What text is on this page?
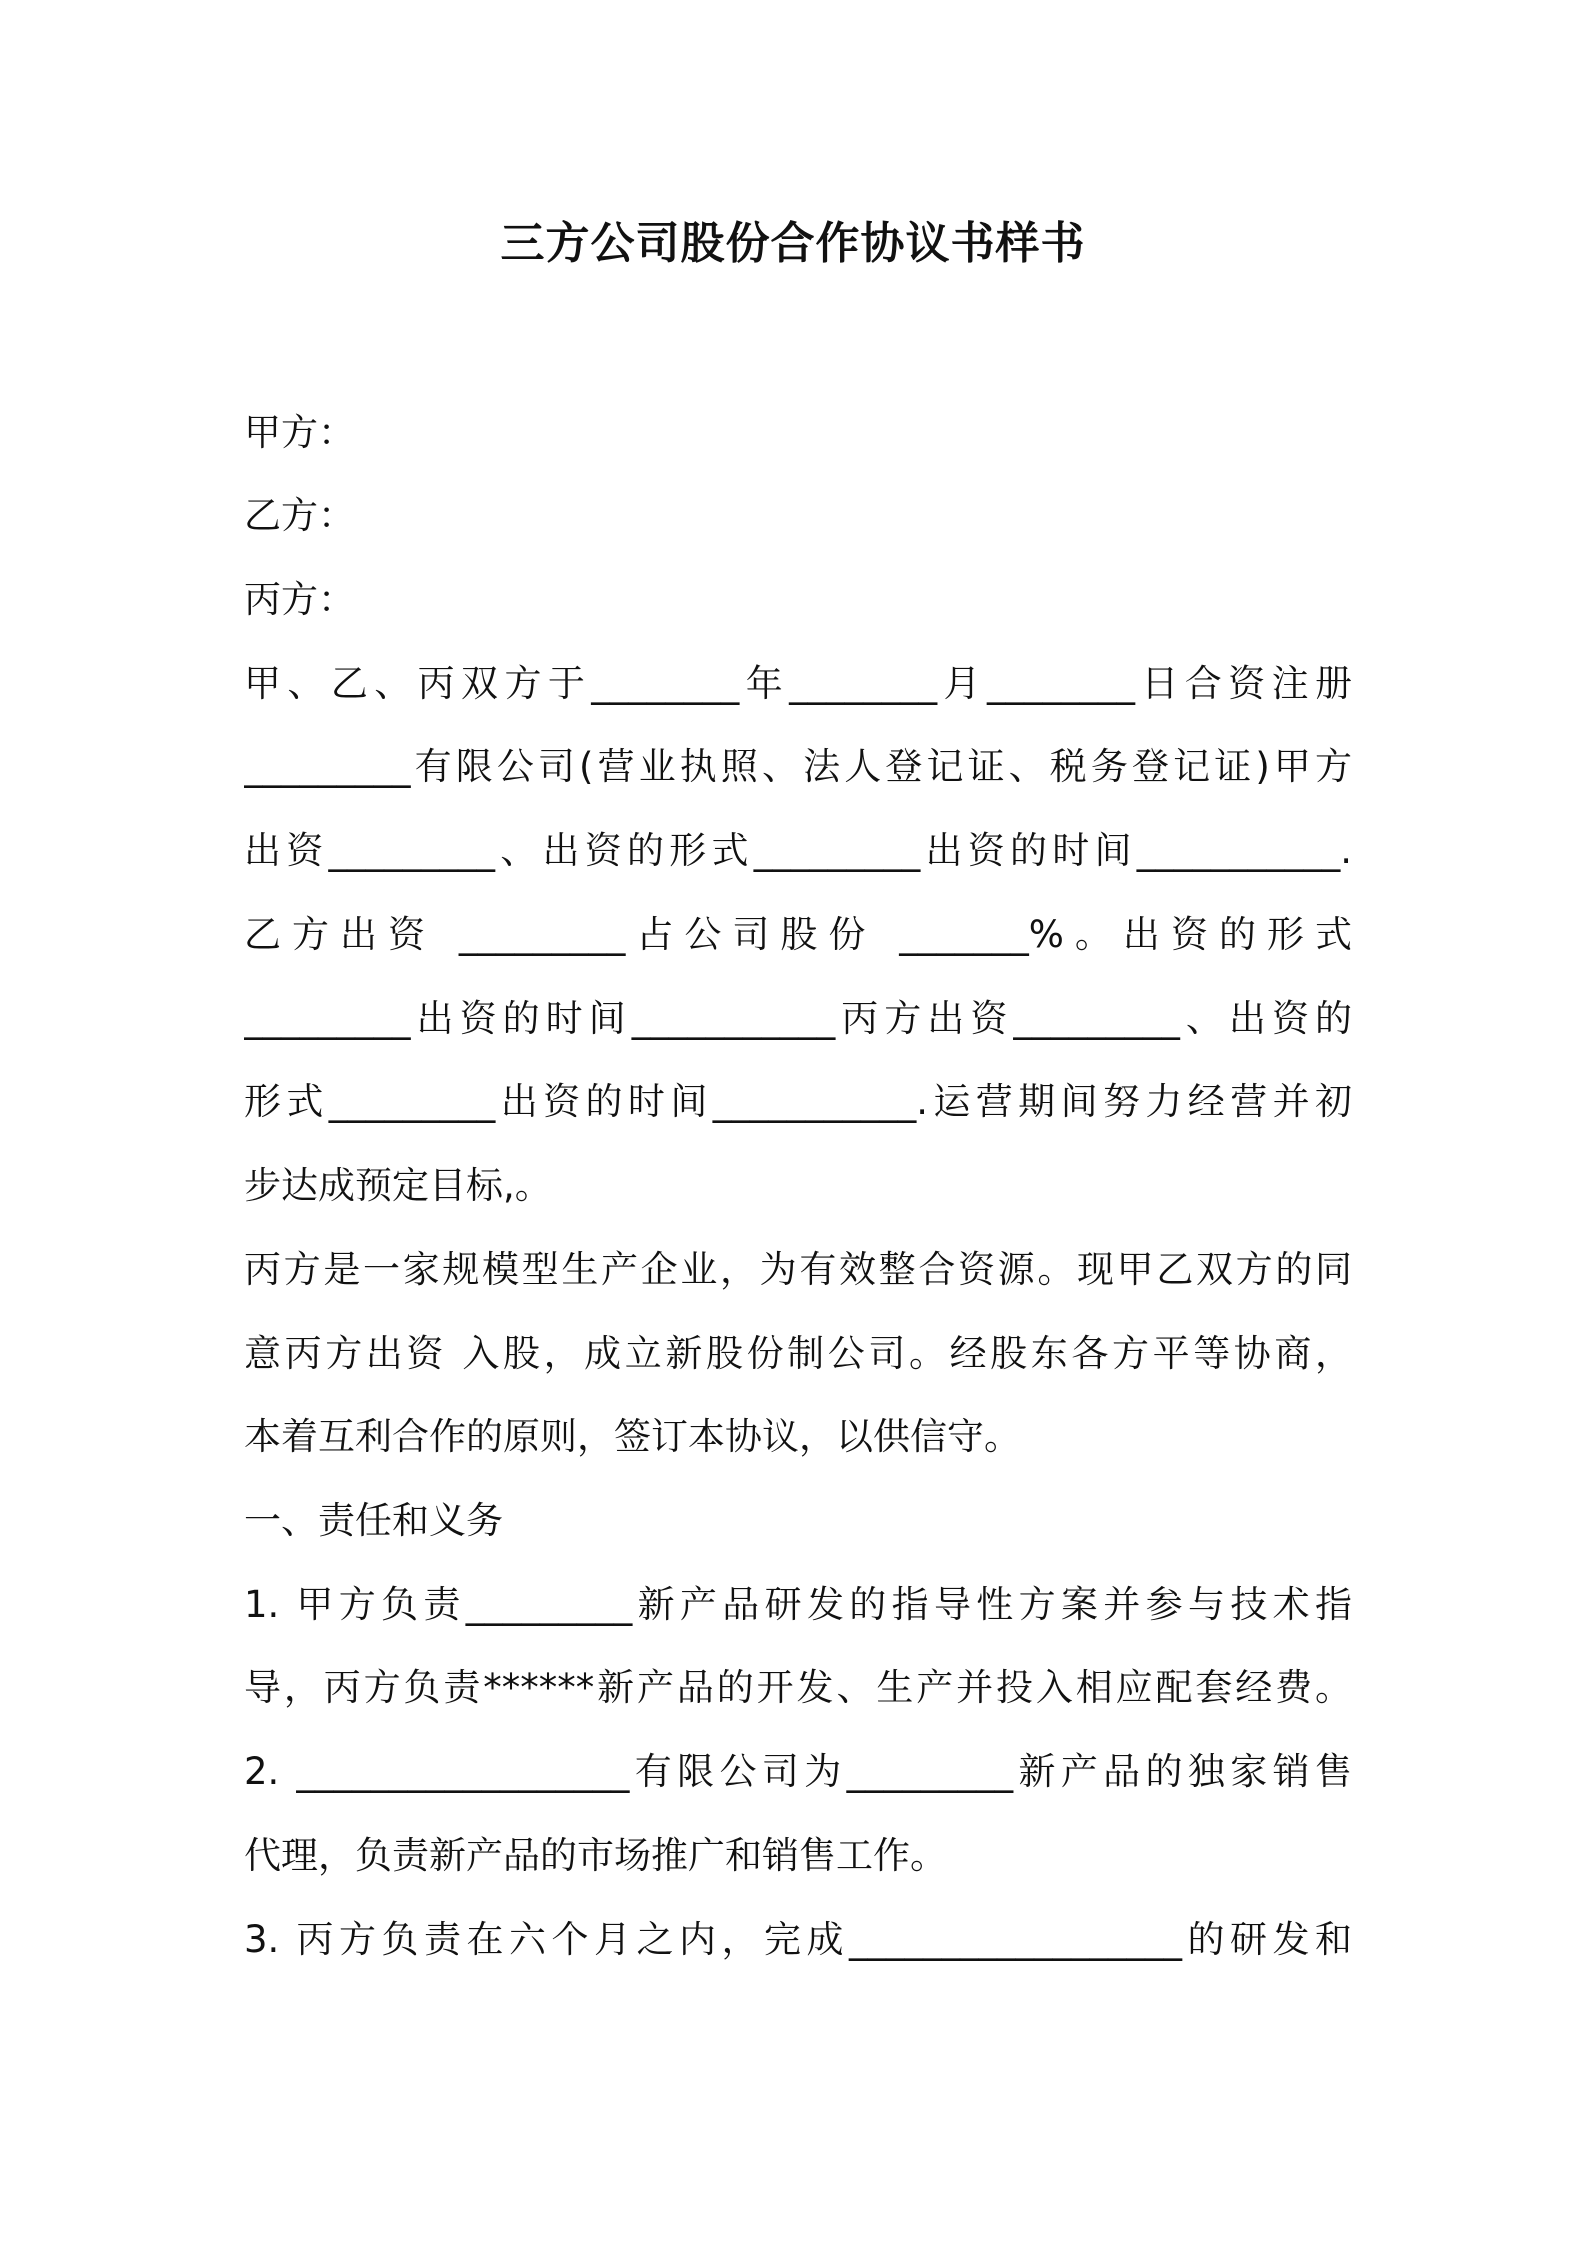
三方公司股份合作协议书样书
甲方：
乙方：
丙方：
甲、乙、丙双方于________年________月________日合资注册
_________有限公司(营业执照、法人登记证、税务登记证)甲方
出资_________、出资的形式_________出资的时间___________.
乙方出资 _________占公司股份 _______%。出资的形式
_________出资的时间___________丙方出资_________、出资的
形式_________出资的时间___________.运营期间努力经营并初
步达成预定目标,。
丙方是一家规模型生产企业，为有效整合资源。现甲乙双方的同
意丙方出资 入股，成立新股份制公司。经股东各方平等协商，
本着互利合作的原则，签订本协议，以供信守。
一、责任和义务
1. 甲方负责_________新产品研发的指导性方案并参与技术指
导，丙方负责******新产品的开发、生产并投入相应配套经费。
2. __________________有限公司为_________新产品的独家销售
代理，负责新产品的市场推广和销售工作。
3. 丙方负责在六个月之内，完成__________________的研发和
